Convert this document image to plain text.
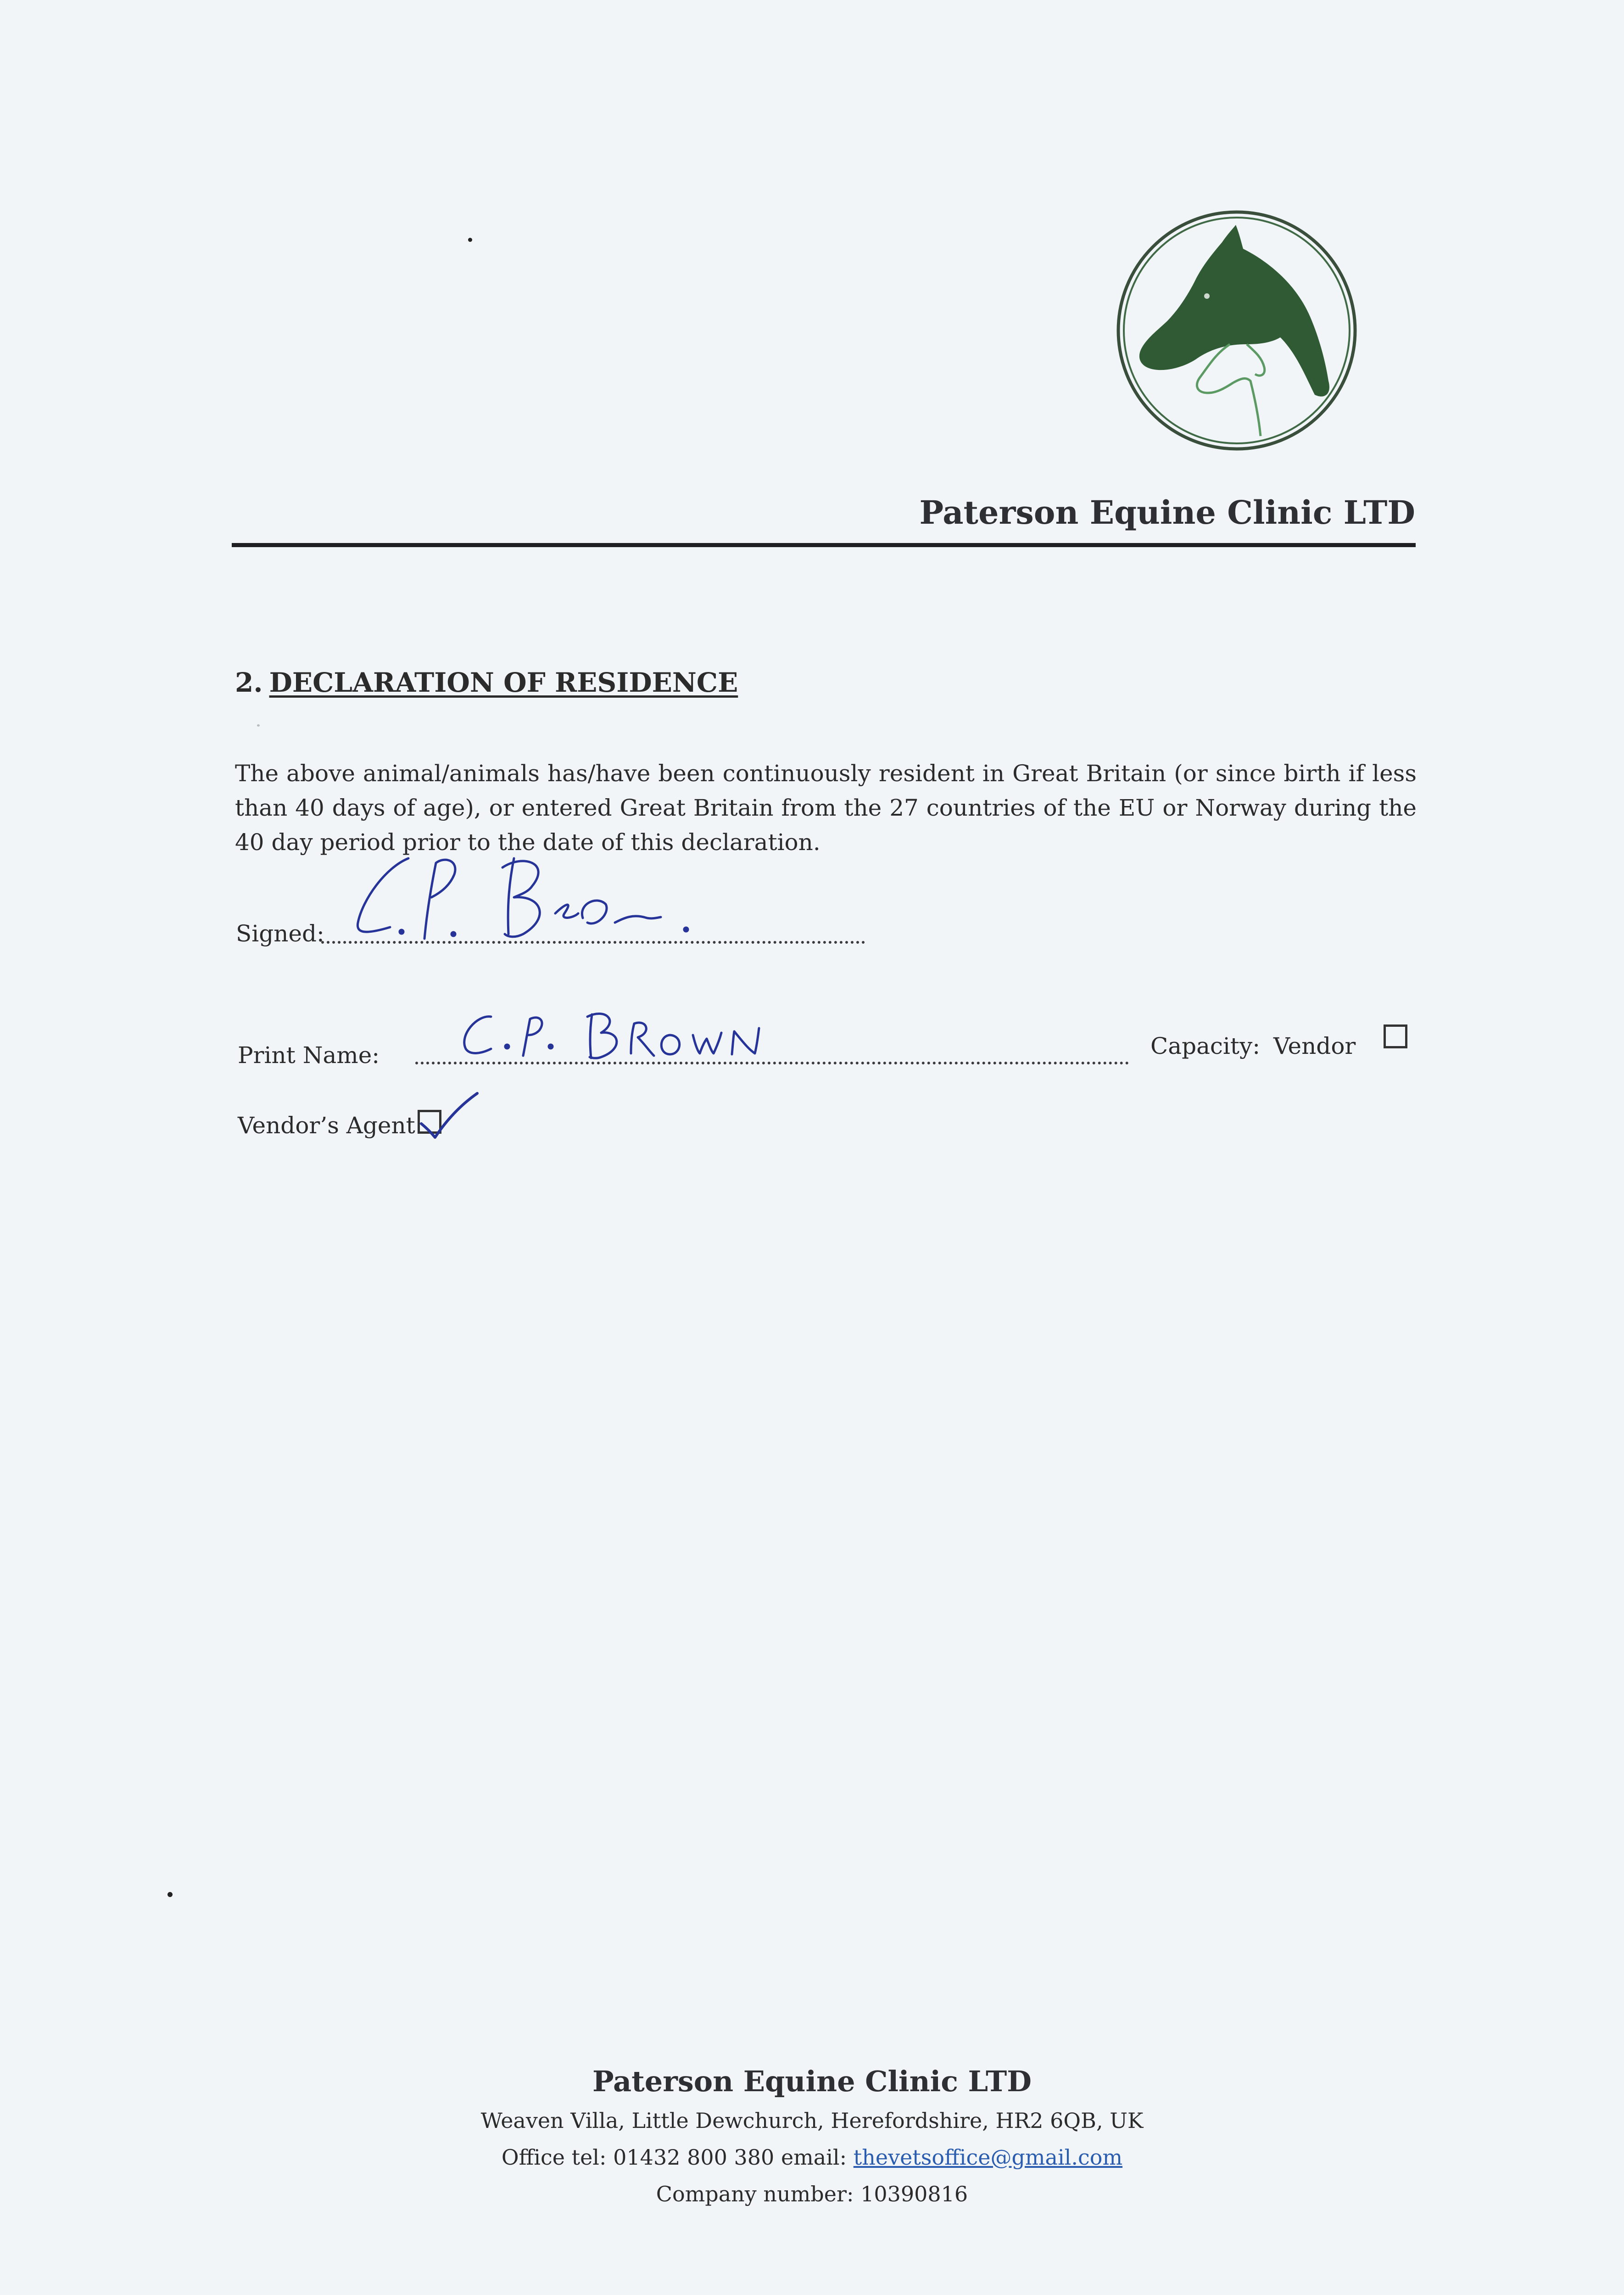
Paterson Equine Clinic LTD
2. DECLARATION OF RESIDENCE

The above animal/animals has/have been continuously resident in Great Britain (or since birth if less than 40 days of age), or entered Great Britain from the 27 countries of the EU or Norway during the 40 day period prior to the date of this declaration.

Signed:
Print Name:	Capacity: Vendor
Vendor’s Agent
Paterson Equine Clinic LTD
Weaven Villa, Little Dewchurch, Herefordshire, HR2 6QB, UK
Office tel: 01432 800 380 email: thevetsoffice@gmail.com
Company number: 10390816
